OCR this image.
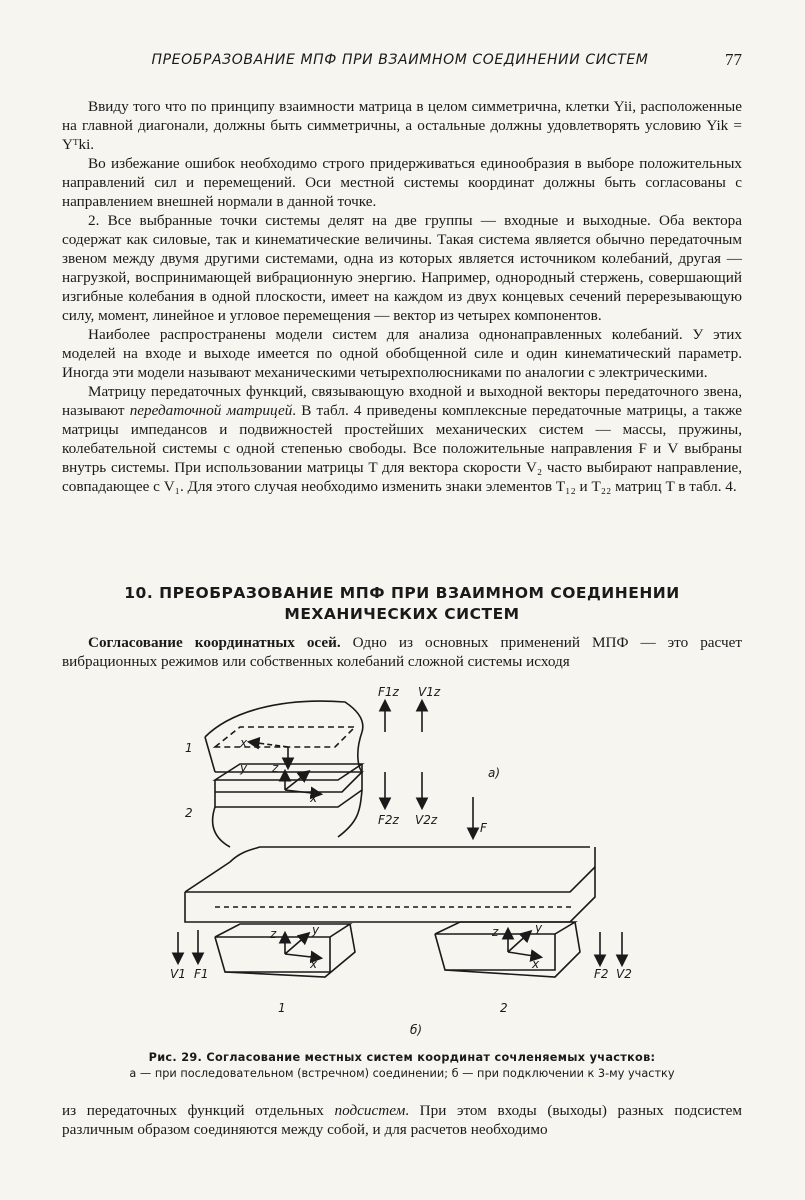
ПРЕОБРАЗОВАНИЕ МПФ ПРИ ВЗАИМНОМ СОЕДИНЕНИИ СИСТЕМ	77

Ввиду того что по принципу взаимности матрица в целом симметрична, клетки Yii, расположенные на главной диагонали, должны быть симметричны, а остальные должны удовлетворять условию Yik = Yᵀki.

Во избежание ошибок необходимо строго придерживаться единообразия в выборе положительных направлений сил и перемещений. Оси местной системы координат должны быть согласованы с направлением внешней нормали в данной точке.

2. Все выбранные точки системы делят на две группы — входные и выходные. Оба вектора содержат как силовые, так и кинематические величины. Такая система является обычно передаточным звеном между двумя другими системами, одна из которых является источником колебаний, другая — нагрузкой, воспринимающей вибрационную энергию. Например, однородный стержень, совершающий изгибные колебания в одной плоскости, имеет на каждом из двух концевых сечений перерезывающую силу, момент, линейное и угловое перемещения — вектор из четырех компонентов.

Наиболее распространены модели систем для анализа однонаправленных колебаний. У этих моделей на входе и выходе имеется по одной обобщенной силе и один кинематический параметр. Иногда эти модели называют механическими четырехполюсниками по аналогии с электрическими.

Матрицу передаточных функций, связывающую входной и выходной векторы передаточного звена, называют передаточной матрицей. В табл. 4 приведены комплексные передаточные матрицы, а также матрицы импедансов и подвижностей простейших механических систем — массы, пружины, колебательной системы с одной степенью свободы. Все положительные направления F и V выбраны внутрь системы. При использовании матрицы T для вектора скорости V₂ часто выбирают направление, совпадающее с V₁. Для этого случая необходимо изменить знаки элементов T₁₂ и T₂₂ матриц T в табл. 4.

10. ПРЕОБРАЗОВАНИЕ МПФ ПРИ ВЗАИМНОМ СОЕДИНЕНИИ
МЕХАНИЧЕСКИХ СИСТЕМ

Согласование координатных осей. Одно из основных применений МПФ — это расчет вибрационных режимов или собственных колебаний сложной системы исходя

1
2
F1z V1z
а)
F2z V2z
F
x
y z
x
z	y
x
z	y
x
V1 F1	F2 V2
1	2
б)
Рис. 29. Согласование местных систем координат сочленяемых участков:
а — при последовательном (встречном) соединении; б — при подключении к 3-му участку

из передаточных функций отдельных подсистем. При этом входы (выходы) разных подсистем различным образом соединяются между собой, и для расчетов необходимо
